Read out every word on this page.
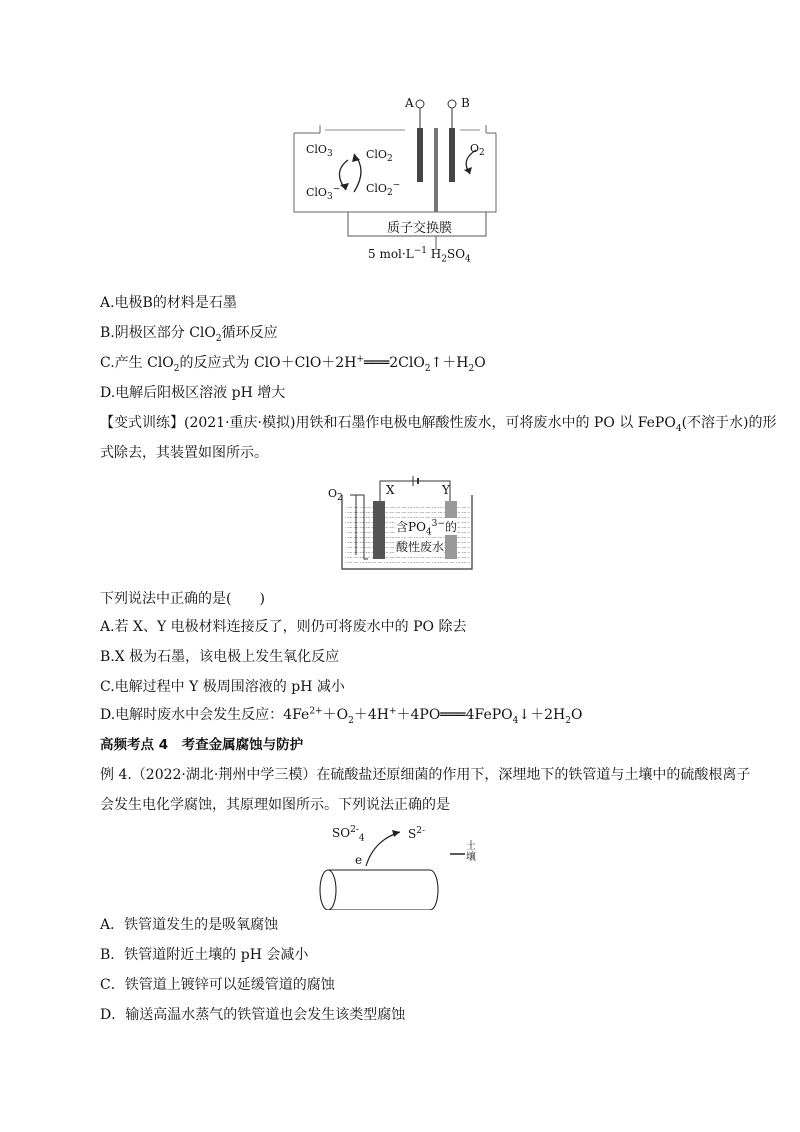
A	B
ClO$_3$	ClO$_2$
ClO$_3$− ClO$_2$−
$O_2$
质子交换膜
5 $mol\cdot L^{-1}$ $H_2SO_4$
A.电极B的材料是石墨
B.阴极区部分 ClO$_2$循环反应
C.产生 ClO$_2$的反应式为 $ClO+ClO+2H^+═══2ClO_2↑+H_2O$
D.电解后阳极区溶液 pH 增大
【变式训练】(2021·重庆·模拟)用铁和石墨作电极电解酸性废水，可将废水中的 PO 以 FePO$_4$(不溶于水)的形
式除去，其装置如图所示。
$O_2$
X	Y
含$PO_4^{3-}$的
酸性废水
下列说法中正确的是(　　)
A.若 X、Y 电极材料连接反了，则仍可将废水中的 PO 除去
B.X 极为石墨，该电极上发生氧化反应
C.电解过程中 Y 极周围溶液的 pH 减小
D.电解时废水中会发生反应：$4Fe^{2+}+O_2+4H^++4PO═══4FePO_4↓+2H_2O$
高频考点 4　考查金属腐蚀与防护
例 4.（2022·湖北·荆州中学三模）在硫酸盐还原细菌的作用下，深埋地下的铁管道与土壤中的硫酸根离子
会发生电化学腐蚀，其原理如图所示。下列说法正确的是
$SO^{2-}_4$	$S^{2-}$
e
土
壤
A．铁管道发生的是吸氧腐蚀
B．铁管道附近土壤的 pH 会减小
C．铁管道上镀锌可以延缓管道的腐蚀
D．输送高温水蒸气的铁管道也会发生该类型腐蚀
